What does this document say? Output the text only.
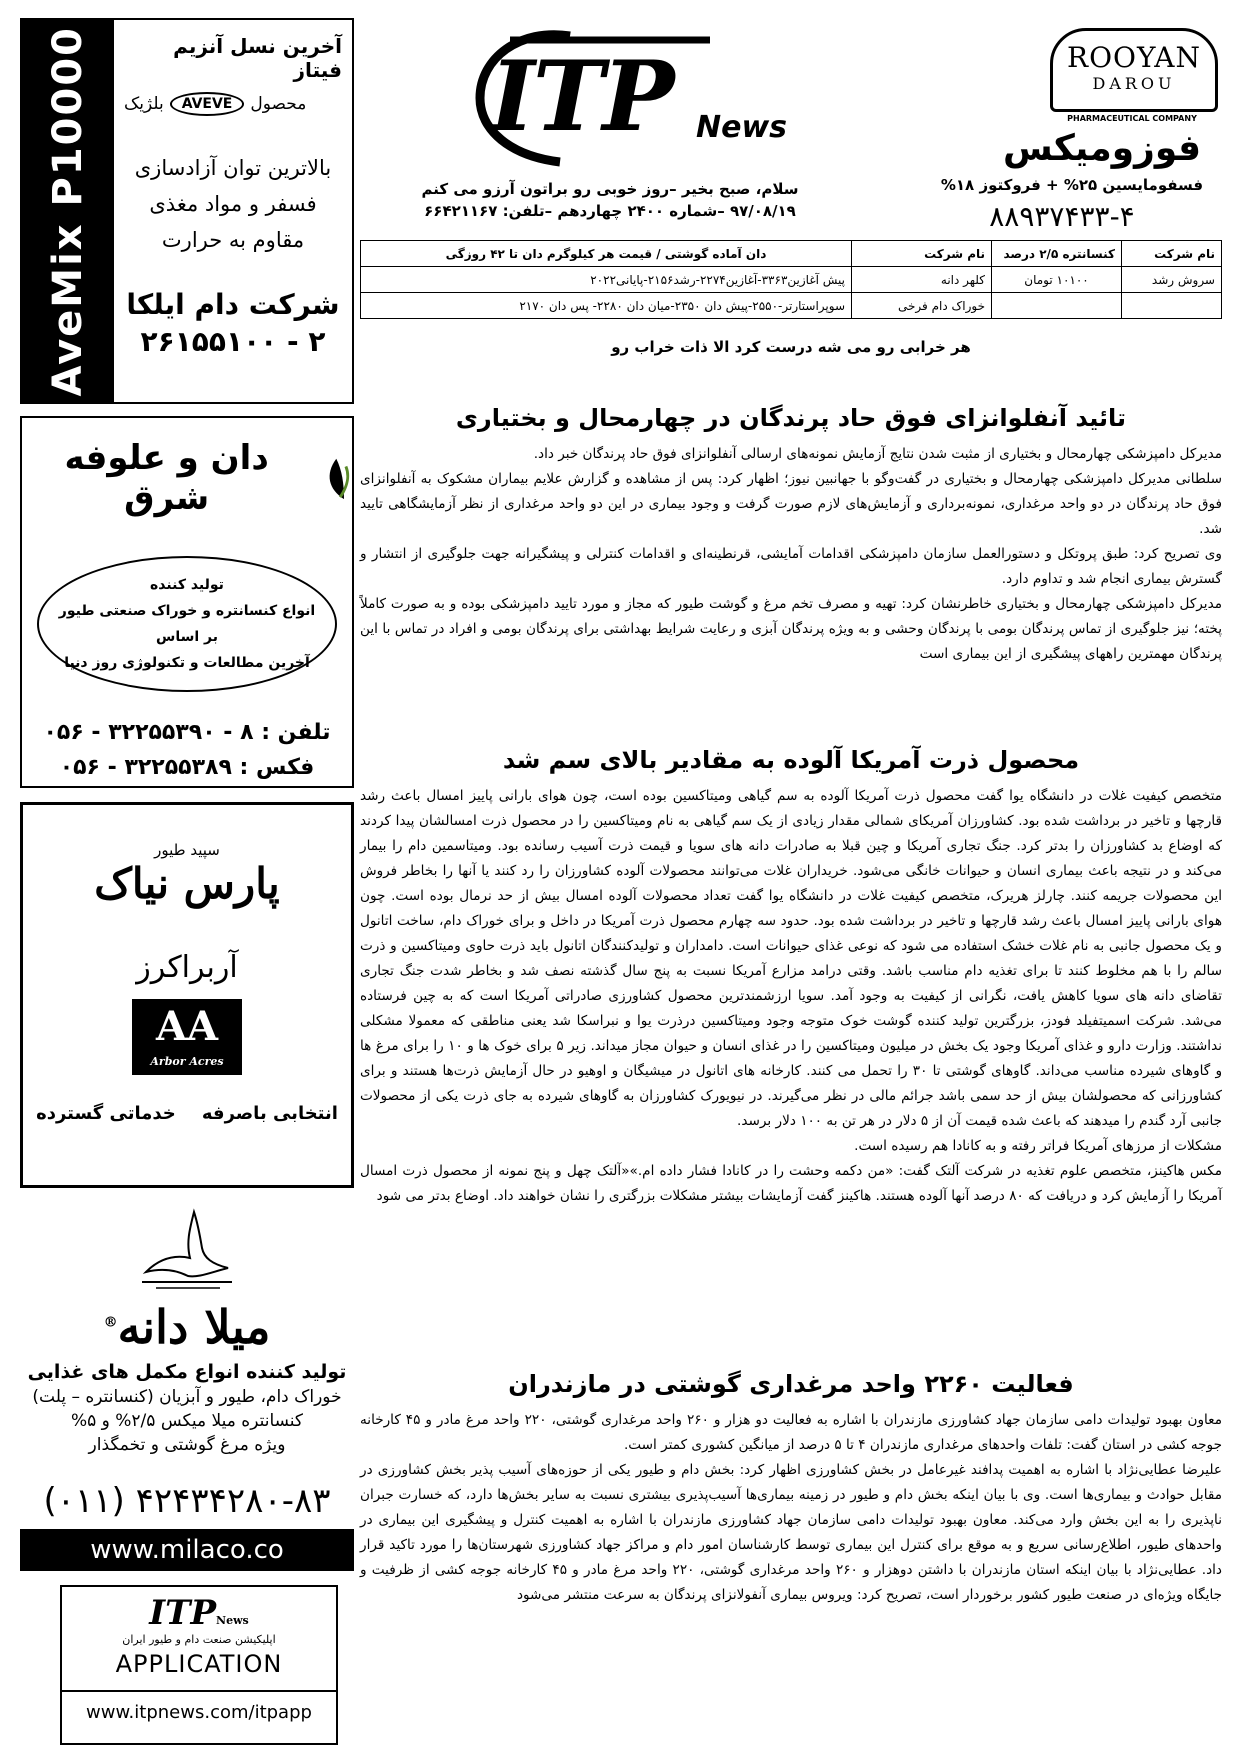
AveMix P10000	آخرین نسل آنزیم فیتاز
محصول
AVEVE
بلژیک
بالاترین توان آزادسازی
فسفر و مواد مغذی
مقاوم به حرارت
شرکت دام ایلکا
۲۶۱۵۵۱۰۰ - ۲
دان و علوفه شرق
تولید کننده
انواع کنسانتره و خوراک صنعتی طیور
بر اساس
آخرین مطالعات و تکنولوژی روز دنیا
تلفن : ۸ - ۳۲۲۵۵۳۹۰ - ۰۵۶
فکس : ۳۲۲۵۵۳۸۹ - ۰۵۶
سپید طیور
پارس نیاک
آربراکرز
AA
Arbor Acres
انتخابی باصرفه
خدماتی گسترده
میلا دانه®
تولید کننده انواع مکمل های غذایی
خوراک دام، طیور و آبزیان (کنسانتره – پلت)
کنسانتره میلا میکس ۲/۵% و ۵%
ویژه مرغ گوشتی و تخمگذار
(۰۱۱) ۴۲۴۳۴۲۸۰-۸۳
www.milaco.co
ITPNews
اپلیکیشن صنعت دام و طیور ایران
APPLICATION
www.itpnews.com/itpapp
ITP News
سلام، صبح بخیر –روز خوبی رو براتون آرزو می کنم
۹۷/۰۸/۱۹ –شماره ۲۴۰۰ چهاردهم –تلفن: ۶۶۴۲۱۱۶۷
ROOYAN
DAROU
PHARMACEUTICAL COMPANY
فوزومیکس
فسفومایسین ۲۵% + فروکتوز ۱۸%
۸۸۹۳۷۴۳۳-۴
نام شرکت	کنسانتره ۲/۵ درصد	نام شرکت	دان آماده گوشتی / قیمت هر کیلوگرم دان تا ۴۲ روزگی
سروش رشد	۱۰۱۰۰ تومان	کلهر دانه	پیش آغازین۳۳۶۳-آغازین۲۲۷۴-رشد۲۱۵۶-پایانی۲۰۲۲
		خوراک دام فرخی	سوپراستارتر-۲۵۵۰-پیش دان ۲۳۵۰-میان دان ۲۲۸۰- پس دان ۲۱۷۰
هر خرابی رو می شه درست کرد الا ذات خراب رو
تائید آنفلوانزای فوق حاد پرندگان در چهارمحال و بختیاری

مدیرکل دامپزشکی چهارمحال و بختیاری از مثبت شدن نتایج آزمایش نمونه‌های ارسالی آنفلوانزای فوق حاد پرندگان خبر داد.

سلطانی مدیرکل دامپزشکی چهارمحال و بختیاری در گفت‌وگو با جهانبین نیوز؛ اظهار کرد: پس از مشاهده و گزارش علایم بیماران مشکوک به آنفلوانزای فوق حاد پرندگان در دو واحد مرغداری، نمونه‌برداری و آزمایش‌های لازم صورت گرفت و وجود بیماری در این دو واحد مرغداری از نظر آزمایشگاهی تایید شد.

وی تصریح کرد: طبق پروتکل و دستورالعمل سازمان دامپزشکی اقدامات آمایشی، قرنطینه‌ای و اقدامات کنترلی و پیشگیرانه جهت جلوگیری از انتشار و گسترش بیماری انجام شد و تداوم دارد.

مدیرکل دامپزشکی چهارمحال و بختیاری خاطرنشان کرد: تهیه و مصرف تخم مرغ و گوشت طیور که مجاز و مورد تایید دامپزشکی بوده و به صورت کاملاً پخته؛ نیز جلوگیری از تماس پرندگان بومی با پرندگان وحشی و به ویژه پرندگان آبزی و رعایت شرایط بهداشتی برای پرندگان بومی و افراد در تماس با این پرندگان مهمترین راههای پیشگیری از این بیماری است

محصول ذرت آمریکا آلوده به مقادیر بالای سم شد

متخصص کیفیت غلات در دانشگاه یوا گفت محصول ذرت آمریکا آلوده به سم گیاهی ومیتاکسین بوده است، چون هوای بارانی پاییز امسال باعث رشد قارچها و تاخیر در برداشت شده بود. کشاورزان آمریکای شمالی مقدار زیادی از یک سم گیاهی به نام ومیتاکسین را در محصول ذرت امسالشان پیدا کردند که اوضاع بد کشاورزان را بدتر کرد. جنگ تجاری آمریکا و چین قبلا به صادرات دانه های سویا و قیمت ذرت آسیب رسانده بود. ومیتاسمین دام را بیمار می‌کند و در نتیجه باعث بیماری انسان و حیوانات خانگی می‌شود. خریداران غلات می‌توانند محصولات آلوده کشاورزان را رد کنند یا آنها را بخاطر فروش این محصولات جریمه کنند. چارلز هریرک، متخصص کیفیت غلات در دانشگاه یوا گفت تعداد محصولات آلوده امسال بیش از حد نرمال بوده است. چون هوای بارانی پاییز امسال باعث رشد قارچها و تاخیر در برداشت شده بود. حدود سه چهارم محصول ذرت آمریکا در داخل و برای خوراک دام، ساخت اتانول و یک محصول جانبی به نام غلات خشک استفاده می شود که نوعی غذای حیوانات است. دامداران و تولیدکنندگان اتانول باید ذرت حاوی ومیتاکسین و ذرت سالم را با هم مخلوط کنند تا برای تغذیه دام مناسب باشد. وقتی درامد مزارع آمریکا نسبت به پنج سال گذشته نصف شد و بخاطر شدت جنگ تجاری تقاضای دانه های سویا کاهش یافت، نگرانی از کیفیت به وجود آمد. سویا ارزشمندترین محصول کشاورزی صادراتی آمریکا است که به چین فرستاده می‌شد. شرکت اسمیتفیلد فودز، بزرگترین تولید کننده گوشت خوک متوجه وجود ومیتاکسین درذرت یوا و نبراسکا شد یعنی مناطقی که معمولا مشکلی نداشتند. وزارت دارو و غذای آمریکا وجود یک بخش در میلیون ومیتاکسین را در غذای انسان و حیوان مجاز میداند. زیر ۵ برای خوک ها و ۱۰ را برای مرغ ها و گاوهای شیرده مناسب می‌داند. گاوهای گوشتی تا ۳۰ را تحمل می کنند. کارخانه های اتانول در میشیگان و اوهیو در حال آزمایش ذرت‌ها هستند و برای کشاورزانی که محصولشان بیش از حد سمی باشد جرائم مالی در نظر می‌گیرند. در نیویورک کشاورزان به گاوهای شیرده به جای ذرت یکی از محصولات جانبی آرد گندم را میدهند که باعث شده قیمت آن از ۵ دلار در هر تن به ۱۰۰ دلار برسد.

مشکلات از مرزهای آمریکا فراتر رفته و به کانادا هم رسیده است.

مکس هاکینز، متخصص علوم تغذیه در شرکت آلتک گفت: «من دکمه وحشت را در کانادا فشار داده ام.»«آلتک چهل و پنج نمونه از محصول ذرت امسال آمریکا را آزمایش کرد و دریافت که ۸۰ درصد آنها آلوده هستند. هاکینز گفت آزمایشات بیشتر مشکلات بزرگتری را نشان خواهند داد. اوضاع بدتر می شود

فعالیت ۲۲۶۰ واحد مرغداری گوشتی در مازندران

معاون بهبود تولیدات دامی سازمان جهاد کشاورزی مازندران با اشاره به فعالیت دو هزار و ۲۶۰ واحد مرغداری گوشتی، ۲۲۰ واحد مرغ مادر و ۴۵ کارخانه جوجه کشی در استان گفت: تلفات واحدهای مرغداری مازندران ۴ تا ۵ درصد از میانگین کشوری کمتر است.

علیرضا عطایی‌نژاد با اشاره به اهمیت پدافند غیرعامل در بخش کشاورزی اظهار کرد: بخش دام و طیور یکی از حوزه‌های آسیب پذیر بخش کشاورزی در مقابل حوادث و بیماری‌ها است. وی با بیان اینکه بخش دام و طیور در زمینه بیماری‌ها آسیب‌پذیری بیشتری نسبت به سایر بخش‌ها دارد، که خسارت جبران ناپذیری را به این بخش وارد می‌کند. معاون بهبود تولیدات دامی سازمان جهاد کشاورزی مازندران با اشاره به اهمیت کنترل و پیشگیری این بیماری در واحدهای طیور، اطلاع‌رسانی سریع و به موقع برای کنترل این بیماری توسط کارشناسان امور دام و مراکز جهاد کشاورزی شهرستان‌ها را مورد تاکید قرار داد. عطایی‌نژاد با بیان اینکه استان مازندران با داشتن دوهزار و ۲۶۰ واحد مرغداری گوشتی، ۲۲۰ واحد مرغ مادر و ۴۵ کارخانه جوجه کشی از ظرفیت و جایگاه ویژه‌ای در صنعت طیور کشور برخوردار است، تصریح کرد: ویروس بیماری آنفولانزای پرندگان به سرعت منتشر می‌شود
